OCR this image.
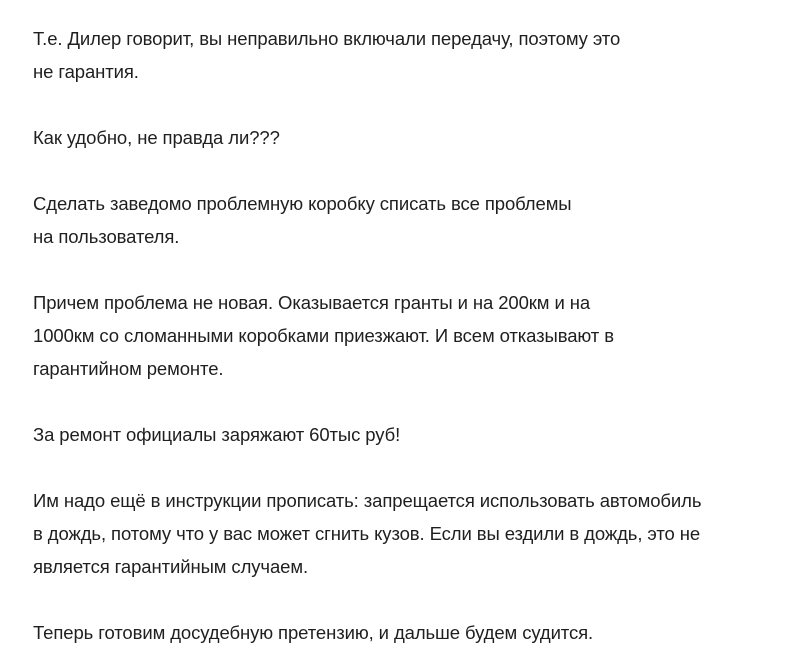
Т.е. Дилер говорит, вы неправильно включали передачу, поэтому это
не гарантия.

Как удобно, не правда ли???

Сделать заведомо проблемную коробку списать все проблемы
на пользователя.

Причем проблема не новая. Оказывается гранты и на 200км и на
1000км со сломанными коробками приезжают. И всем отказывают в
гарантийном ремонте.

За ремонт официалы заряжают 60тыс руб!

Им надо ещё в инструкции прописать: запрещается использовать автомобиль
в дождь, потому что у вас может сгнить кузов. Если вы ездили в дождь, это не
является гарантийным случаем.

Теперь готовим досудебную претензию, и дальше будем судится.
